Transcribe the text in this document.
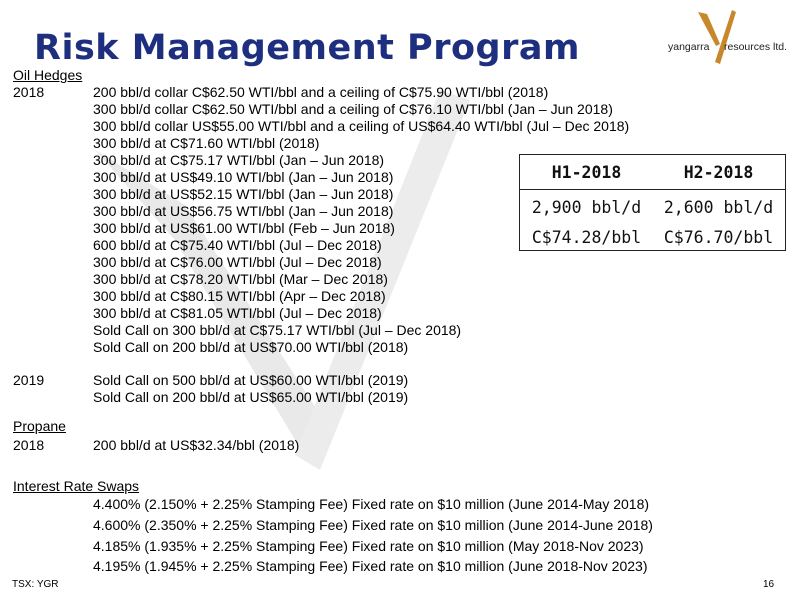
Risk Management Program	yangarra resources ltd.
Oil Hedges
2018	200 bbl/d collar C$62.50 WTI/bbl and a ceiling of C$75.90 WTI/bbl (2018)
300 bbl/d collar C$62.50 WTI/bbl and a ceiling of C$76.10 WTI/bbl (Jan – Jun 2018)
300 bbl/d collar US$55.00 WTI/bbl and a ceiling of US$64.40 WTI/bbl (Jul – Dec 2018)
300 bbl/d at C$71.60 WTI/bbl (2018)
300 bbl/d at C$75.17 WTI/bbl (Jan – Jun 2018)
300 bbl/d at US$49.10 WTI/bbl (Jan – Jun 2018)
300 bbl/d at US$52.15 WTI/bbl (Jan – Jun 2018)
300 bbl/d at US$56.75 WTI/bbl (Jan – Jun 2018)
300 bbl/d at US$61.00 WTI/bbl (Feb – Jun 2018)
600 bbl/d at C$75.40 WTI/bbl (Jul – Dec 2018)
300 bbl/d at C$76.00 WTI/bbl (Jul – Dec 2018)
300 bbl/d at C$78.20 WTI/bbl (Mar – Dec 2018)
300 bbl/d at C$80.15 WTI/bbl (Apr – Dec 2018)
300 bbl/d at C$81.05 WTI/bbl (Jul – Dec 2018)
Sold Call on 300 bbl/d at C$75.17 WTI/bbl (Jul – Dec 2018)
Sold Call on 200 bbl/d at US$70.00 WTI/bbl (2018)
2019	Sold Call on 500 bbl/d at US$60.00 WTI/bbl (2019)
Sold Call on 200 bbl/d at US$65.00 WTI/bbl (2019)
H1-2018	H2-2018
2,900 bbl/d	2,600 bbl/d
C$74.28/bbl	C$76.70/bbl
Propane
2018	200 bbl/d at US$32.34/bbl (2018)
Interest Rate Swaps
4.400% (2.150% + 2.25% Stamping Fee) Fixed rate on $10 million (June 2014-May 2018)
4.600% (2.350% + 2.25% Stamping Fee) Fixed rate on $10 million (June 2014-June 2018)
4.185% (1.935% + 2.25% Stamping Fee) Fixed rate on $10 million (May 2018-Nov 2023)
4.195% (1.945% + 2.25% Stamping Fee) Fixed rate on $10 million (June 2018-Nov 2023)
TSX: YGR	16
